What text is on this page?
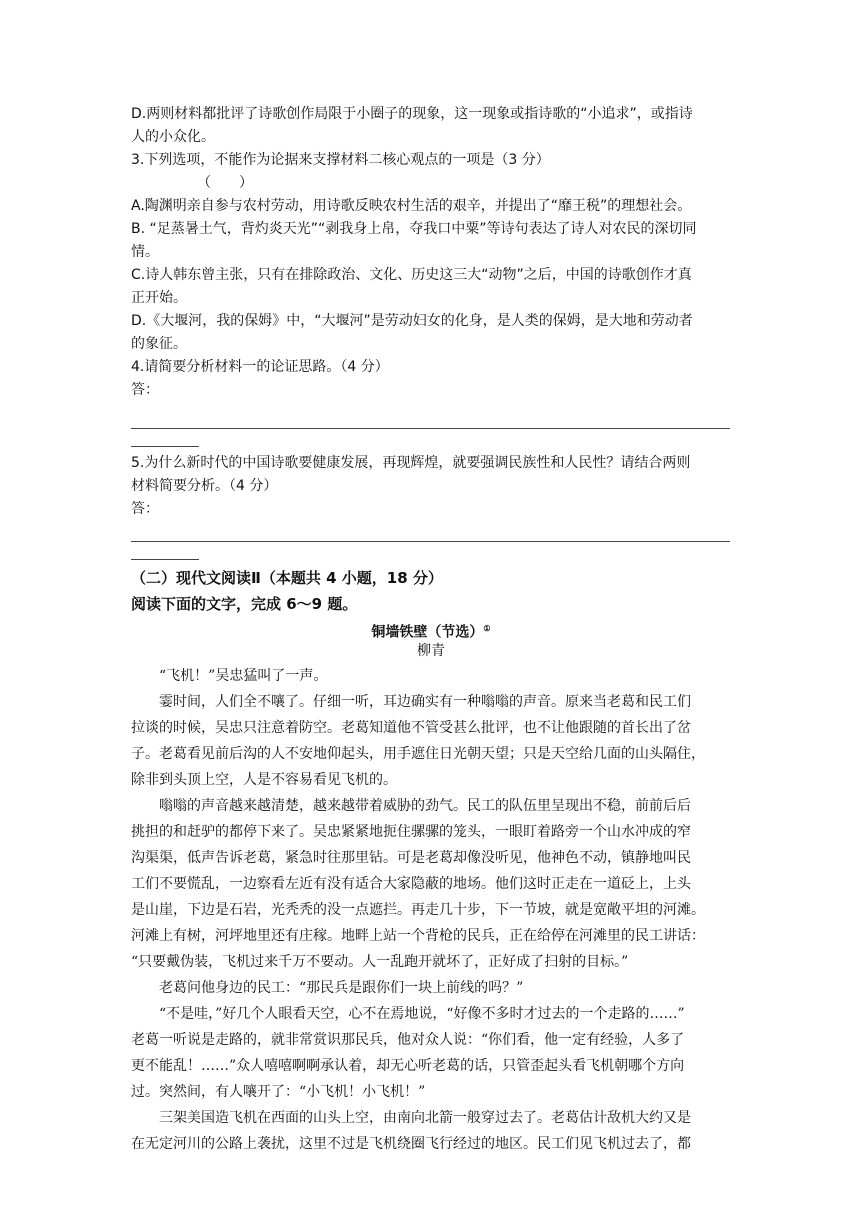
D.两则材料都批评了诗歌创作局限于小圈子的现象，这一现象或指诗歌的“小追求”，或指诗
人的小众化。
3.下列选项，不能作为论据来支撑材料二核心观点的一项是（3 分）
（　　）
A.陶渊明亲自参与农村劳动，用诗歌反映农村生活的艰辛，并提出了“靡王税”的理想社会。
B. “足蒸暑土气，背灼炎天光”“剥我身上帛，夺我口中粟”等诗句表达了诗人对农民的深切同
情。
C.诗人韩东曾主张，只有在排除政治、文化、历史这三大“动物”之后，中国的诗歌创作才真
正开始。
D.《大堰河，我的保姆》中，“大堰河”是劳动妇女的化身，是人类的保姆，是大地和劳动者
的象征。
4.请简要分析材料一的论证思路。（4 分）
答：
5.为什么新时代的中国诗歌要健康发展，再现辉煌，就要强调民族性和人民性？请结合两则
材料简要分析。（4 分）
答：
（二）现代文阅读Ⅱ（本题共 4 小题，18 分）
阅读下面的文字，完成 6～9 题。
铜墙铁壁（节选）①
柳青
“飞机！”吴忠猛叫了一声。
霎时间，人们全不嚷了。仔细一听，耳边确实有一种嗡嗡的声音。原来当老葛和民工们
拉谈的时候，吴忠只注意着防空。老葛知道他不管受甚么批评，也不让他跟随的首长出了岔
子。老葛看见前后沟的人不安地仰起头，用手遮住日光朝天望；只是天空给几面的山头隔住，
除非到头顶上空，人是不容易看见飞机的。
嗡嗡的声音越来越清楚，越来越带着威胁的劲气。民工的队伍里呈现出不稳，前前后后
挑担的和赶驴的都停下来了。吴忠紧紧地扼住骡骡的笼头，一眼盯着路旁一个山水冲成的窄
沟渠渠，低声告诉老葛，紧急时往那里钻。可是老葛却像没听见，他神色不动，镇静地叫民
工们不要慌乱，一边察看左近有没有适合大家隐蔽的地场。他们这时正走在一道砭上，上头
是山崖，下边是石岩，光秃秃的没一点遮拦。再走几十步，下一节坡，就是宽敞平坦的河滩。
河滩上有树，河坪地里还有庄稼。地畔上站一个背枪的民兵，正在给停在河滩里的民工讲话：
“只要戴伪装，飞机过来千万不要动。人一乱跑开就坏了，正好成了扫射的目标。”
老葛问他身边的民工：“那民兵是跟你们一块上前线的吗？”
“不是哇，”好几个人眼看天空，心不在焉地说，“好像不多时才过去的一个走路的……”
老葛一听说是走路的，就非常赏识那民兵，他对众人说：“你们看，他一定有经验，人多了
更不能乱！……”众人嘻嘻啊啊承认着，却无心听老葛的话，只管歪起头看飞机朝哪个方向
过。突然间，有人嚷开了：“小飞机！小飞机！”
三架美国造飞机在西面的山头上空，由南向北箭一般穿过去了。老葛估计敌机大约又是
在无定河川的公路上袭扰，这里不过是飞机绕圈飞行经过的地区。民工们见飞机过去了，都
